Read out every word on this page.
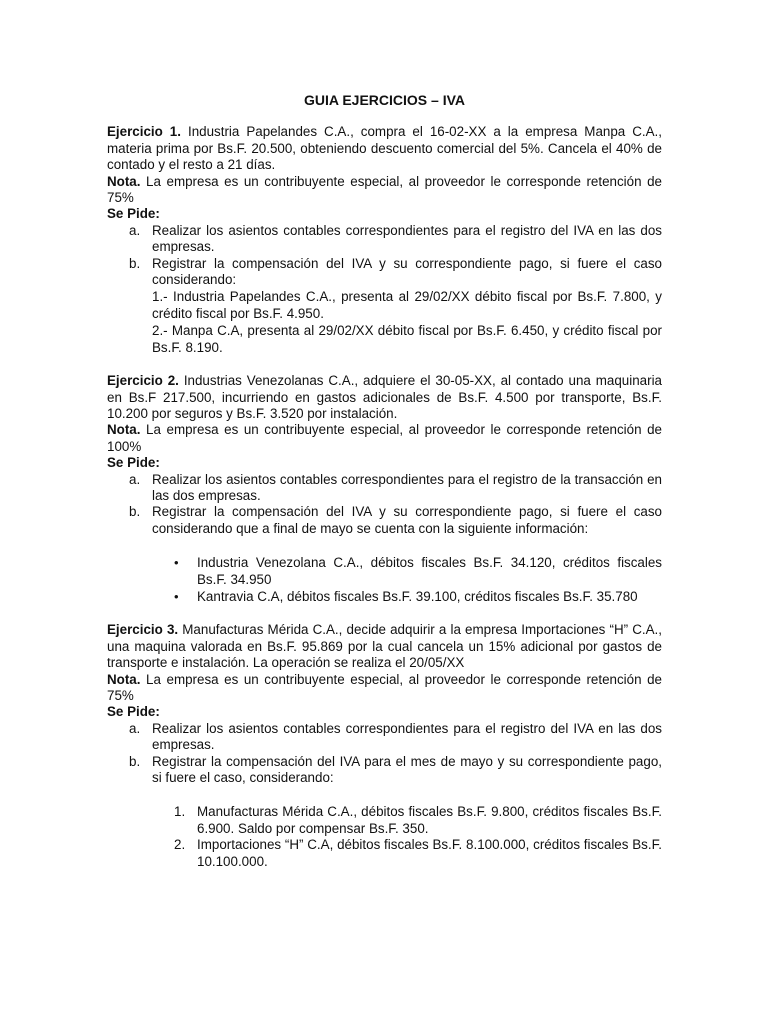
GUIA EJERCICIOS – IVA

Ejercicio 1. Industria Papelandes C.A., compra el 16-02-XX a la empresa Manpa C.A., materia prima por Bs.F. 20.500, obteniendo descuento comercial del 5%. Cancela el 40% de contado y el resto a 21 días.

Nota. La empresa es un contribuyente especial, al proveedor le corresponde retención de 75%

Se Pide:

a. Realizar los asientos contables correspondientes para el registro del IVA en las dos empresas.
b. Registrar la compensación del IVA y su correspondiente pago, si fuere el caso considerando:

1.- Industria Papelandes C.A., presenta al 29/02/XX débito fiscal por Bs.F. 7.800, y crédito fiscal por Bs.F. 4.950.

2.- Manpa C.A, presenta al 29/02/XX débito fiscal por Bs.F. 6.450, y crédito fiscal por Bs.F. 8.190.

Ejercicio 2. Industrias Venezolanas C.A., adquiere el 30-05-XX, al contado una maquinaria en Bs.F 217.500, incurriendo en gastos adicionales de Bs.F. 4.500 por transporte, Bs.F. 10.200 por seguros y Bs.F. 3.520 por instalación.

Nota. La empresa es un contribuyente especial, al proveedor le corresponde retención de 100%

Se Pide:

a. Realizar los asientos contables correspondientes para el registro de la transacción en las dos empresas.
b. Registrar la compensación del IVA y su correspondiente pago, si fuere el caso considerando que a final de mayo se cuenta con la siguiente información:
• Industria Venezolana C.A., débitos fiscales Bs.F. 34.120, créditos fiscales Bs.F. 34.950
• Kantravia C.A, débitos fiscales Bs.F. 39.100, créditos fiscales Bs.F. 35.780

Ejercicio 3. Manufacturas Mérida C.A., decide adquirir a la empresa Importaciones “H” C.A., una maquina valorada en Bs.F. 95.869 por la cual cancela un 15% adicional por gastos de transporte e instalación. La operación se realiza el 20/05/XX

Nota. La empresa es un contribuyente especial, al proveedor le corresponde retención de 75%

Se Pide:

a. Realizar los asientos contables correspondientes para el registro del IVA en las dos empresas.
b. Registrar la compensación del IVA para el mes de mayo y su correspondiente pago, si fuere el caso, considerando:
1. Manufacturas Mérida C.A., débitos fiscales Bs.F. 9.800, créditos fiscales Bs.F. 6.900. Saldo por compensar Bs.F. 350.
2. Importaciones “H” C.A, débitos fiscales Bs.F. 8.100.000, créditos fiscales Bs.F. 10.100.000.
